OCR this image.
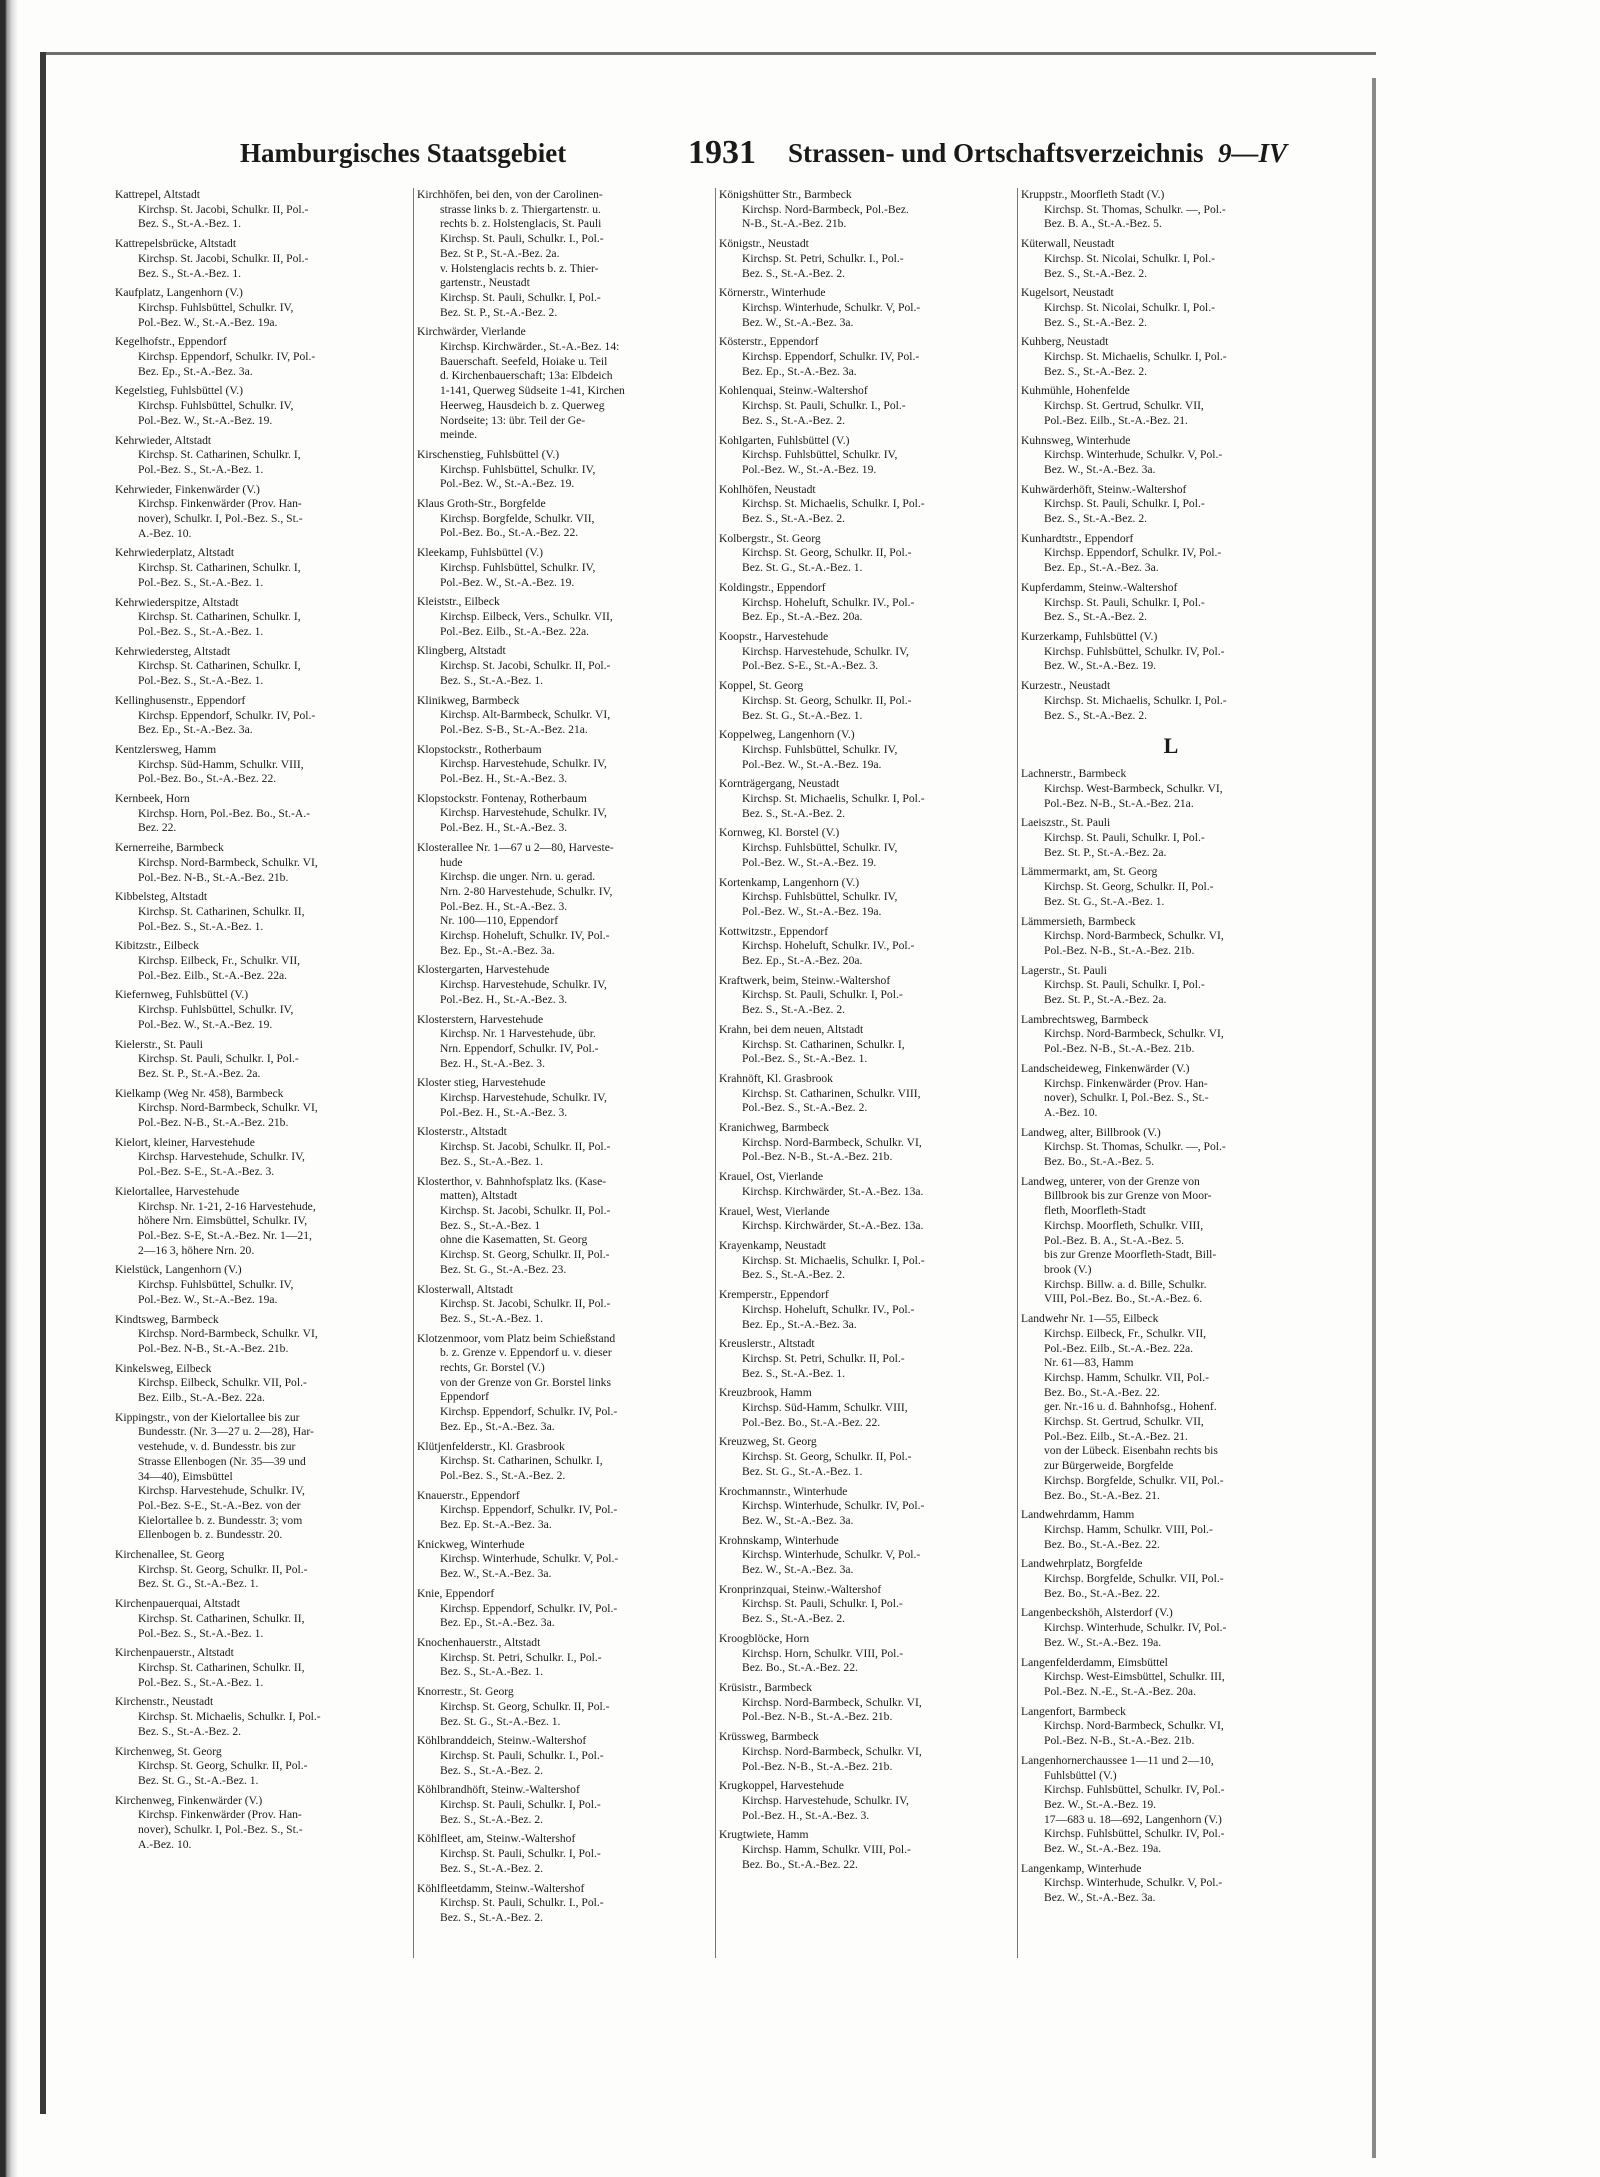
Hamburgisches Staatsgebiet	1931 Strassen- und Ortschaftsverzeichnis 9—IV
Kattrepel, Altstadt
Kirchsp. St. Jacobi, Schulkr. II, Pol.-
Bez. S., St.-A.-Bez. 1.
Kattrepelsbrücke, Altstadt
Kirchsp. St. Jacobi, Schulkr. II, Pol.-
Bez. S., St.-A.-Bez. 1.
Kaufplatz, Langenhorn (V.)
Kirchsp. Fuhlsbüttel, Schulkr. IV,
Pol.-Bez. W., St.-A.-Bez. 19a.
Kegelhofstr., Eppendorf
Kirchsp. Eppendorf, Schulkr. IV, Pol.-
Bez. Ep., St.-A.-Bez. 3a.
Kegelstieg, Fuhlsbüttel (V.)
Kirchsp. Fuhlsbüttel, Schulkr. IV,
Pol.-Bez. W., St.-A.-Bez. 19.
Kehrwieder, Altstadt
Kirchsp. St. Catharinen, Schulkr. I,
Pol.-Bez. S., St.-A.-Bez. 1.
Kehrwieder, Finkenwärder (V.)
Kirchsp. Finkenwärder (Prov. Han-
nover), Schulkr. I, Pol.-Bez. S., St.-
A.-Bez. 10.
Kehrwiederplatz, Altstadt
Kirchsp. St. Catharinen, Schulkr. I,
Pol.-Bez. S., St.-A.-Bez. 1.
Kehrwiederspitze, Altstadt
Kirchsp. St. Catharinen, Schulkr. I,
Pol.-Bez. S., St.-A.-Bez. 1.
Kehrwiedersteg, Altstadt
Kirchsp. St. Catharinen, Schulkr. I,
Pol.-Bez. S., St.-A.-Bez. 1.
Kellinghusenstr., Eppendorf
Kirchsp. Eppendorf, Schulkr. IV, Pol.-
Bez. Ep., St.-A.-Bez. 3a.
Kentzlersweg, Hamm
Kirchsp. Süd-Hamm, Schulkr. VIII,
Pol.-Bez. Bo., St.-A.-Bez. 22.
Kernbeek, Horn
Kirchsp. Horn, Pol.-Bez. Bo., St.-A.-
Bez. 22.
Kernerreihe, Barmbeck
Kirchsp. Nord-Barmbeck, Schulkr. VI,
Pol.-Bez. N-B., St.-A.-Bez. 21b.
Kibbelsteg, Altstadt
Kirchsp. St. Catharinen, Schulkr. II,
Pol.-Bez. S., St.-A.-Bez. 1.
Kibitzstr., Eilbeck
Kirchsp. Eilbeck, Fr., Schulkr. VII,
Pol.-Bez. Eilb., St.-A.-Bez. 22a.
Kiefernweg, Fuhlsbüttel (V.)
Kirchsp. Fuhlsbüttel, Schulkr. IV,
Pol.-Bez. W., St.-A.-Bez. 19.
Kielerstr., St. Pauli
Kirchsp. St. Pauli, Schulkr. I, Pol.-
Bez. St. P., St.-A.-Bez. 2a.
Kielkamp (Weg Nr. 458), Barmbeck
Kirchsp. Nord-Barmbeck, Schulkr. VI,
Pol.-Bez. N-B., St.-A.-Bez. 21b.
Kielort, kleiner, Harvestehude
Kirchsp. Harvestehude, Schulkr. IV,
Pol.-Bez. S-E., St.-A.-Bez. 3.
Kielortallee, Harvestehude
Kirchsp. Nr. 1-21, 2-16 Harvestehude,
höhere Nrn. Eimsbüttel, Schulkr. IV,
Pol.-Bez. S-E, St.-A.-Bez. Nr. 1—21,
2—16 3, höhere Nrn. 20.
Kielstück, Langenhorn (V.)
Kirchsp. Fuhlsbüttel, Schulkr. IV,
Pol.-Bez. W., St.-A.-Bez. 19a.
Kindtsweg, Barmbeck
Kirchsp. Nord-Barmbeck, Schulkr. VI,
Pol.-Bez. N-B., St.-A.-Bez. 21b.
Kinkelsweg, Eilbeck
Kirchsp. Eilbeck, Schulkr. VII, Pol.-
Bez. Eilb., St.-A.-Bez. 22a.
Kippingstr., von der Kielortallee bis zur
Bundesstr. (Nr. 3—27 u. 2—28), Har-
vestehude, v. d. Bundesstr. bis zur
Strasse Ellenbogen (Nr. 35—39 und
34—40), Eimsbüttel
Kirchsp. Harvestehude, Schulkr. IV,
Pol.-Bez. S-E., St.-A.-Bez. von der
Kielortallee b. z. Bundesstr. 3; vom
Ellenbogen b. z. Bundesstr. 20.
Kirchenallee, St. Georg
Kirchsp. St. Georg, Schulkr. II, Pol.-
Bez. St. G., St.-A.-Bez. 1.
Kirchenpauerquai, Altstadt
Kirchsp. St. Catharinen, Schulkr. II,
Pol.-Bez. S., St.-A.-Bez. 1.
Kirchenpauerstr., Altstadt
Kirchsp. St. Catharinen, Schulkr. II,
Pol.-Bez. S., St.-A.-Bez. 1.
Kirchenstr., Neustadt
Kirchsp. St. Michaelis, Schulkr. I, Pol.-
Bez. S., St.-A.-Bez. 2.
Kirchenweg, St. Georg
Kirchsp. St. Georg, Schulkr. II, Pol.-
Bez. St. G., St.-A.-Bez. 1.
Kirchenweg, Finkenwärder (V.)
Kirchsp. Finkenwärder (Prov. Han-
nover), Schulkr. I, Pol.-Bez. S., St.-
A.-Bez. 10.
Kirchhöfen, bei den, von der Carolinen-
strasse links b. z. Thiergartenstr. u.
rechts b. z. Holstenglacis, St. Pauli
Kirchsp. St. Pauli, Schulkr. I., Pol.-
Bez. St P., St.-A.-Bez. 2a.
v. Holstenglacis rechts b. z. Thier-
gartenstr., Neustadt
Kirchsp. St. Pauli, Schulkr. I, Pol.-
Bez. St. P., St.-A.-Bez. 2.
Kirchwärder, Vierlande
Kirchsp. Kirchwärder., St.-A.-Bez. 14:
Bauerschaft. Seefeld, Hoiake u. Teil
d. Kirchenbauerschaft; 13a: Elbdeich
1-141, Querweg Südseite 1-41, Kirchen
Heerweg, Hausdeich b. z. Querweg
Nordseite; 13: übr. Teil der Ge-
meinde.
Kirschenstieg, Fuhlsbüttel (V.)
Kirchsp. Fuhlsbüttel, Schulkr. IV,
Pol.-Bez. W., St.-A.-Bez. 19.
Klaus Groth-Str., Borgfelde
Kirchsp. Borgfelde, Schulkr. VII,
Pol.-Bez. Bo., St.-A.-Bez. 22.
Kleekamp, Fuhlsbüttel (V.)
Kirchsp. Fuhlsbüttel, Schulkr. IV,
Pol.-Bez. W., St.-A.-Bez. 19.
Kleiststr., Eilbeck
Kirchsp. Eilbeck, Vers., Schulkr. VII,
Pol.-Bez. Eilb., St.-A.-Bez. 22a.
Klingberg, Altstadt
Kirchsp. St. Jacobi, Schulkr. II, Pol.-
Bez. S., St.-A.-Bez. 1.
Klinikweg, Barmbeck
Kirchsp. Alt-Barmbeck, Schulkr. VI,
Pol.-Bez. S-B., St.-A.-Bez. 21a.
Klopstockstr., Rotherbaum
Kirchsp. Harvestehude, Schulkr. IV,
Pol.-Bez. H., St.-A.-Bez. 3.
Klopstockstr. Fontenay, Rotherbaum
Kirchsp. Harvestehude, Schulkr. IV,
Pol.-Bez. H., St.-A.-Bez. 3.
Klosterallee Nr. 1—67 u 2—80, Harveste-
hude
Kirchsp. die unger. Nrn. u. gerad.
Nrn. 2-80 Harvestehude, Schulkr. IV,
Pol.-Bez. H., St.-A.-Bez. 3.
Nr. 100—110, Eppendorf
Kirchsp. Hoheluft, Schulkr. IV, Pol.-
Bez. Ep., St.-A.-Bez. 3a.
Klostergarten, Harvestehude
Kirchsp. Harvestehude, Schulkr. IV,
Pol.-Bez. H., St.-A.-Bez. 3.
Klosterstern, Harvestehude
Kirchsp. Nr. 1 Harvestehude, übr.
Nrn. Eppendorf, Schulkr. IV, Pol.-
Bez. H., St.-A.-Bez. 3.
Kloster stieg, Harvestehude
Kirchsp. Harvestehude, Schulkr. IV,
Pol.-Bez. H., St.-A.-Bez. 3.
Klosterstr., Altstadt
Kirchsp. St. Jacobi, Schulkr. II, Pol.-
Bez. S., St.-A.-Bez. 1.
Klosterthor, v. Bahnhofsplatz lks. (Kase-
matten), Altstadt
Kirchsp. St. Jacobi, Schulkr. II, Pol.-
Bez. S., St.-A.-Bez. 1
ohne die Kasematten, St. Georg
Kirchsp. St. Georg, Schulkr. II, Pol.-
Bez. St. G., St.-A.-Bez. 23.
Klosterwall, Altstadt
Kirchsp. St. Jacobi, Schulkr. II, Pol.-
Bez. S., St.-A.-Bez. 1.
Klotzenmoor, vom Platz beim Schießstand
b. z. Grenze v. Eppendorf u. v. dieser
rechts, Gr. Borstel (V.)
von der Grenze von Gr. Borstel links
Eppendorf
Kirchsp. Eppendorf, Schulkr. IV, Pol.-
Bez. Ep., St.-A.-Bez. 3a.
Klütjenfelderstr., Kl. Grasbrook
Kirchsp. St. Catharinen, Schulkr. I,
Pol.-Bez. S., St.-A.-Bez. 2.
Knauerstr., Eppendorf
Kirchsp. Eppendorf, Schulkr. IV, Pol.-
Bez. Ep. St.-A.-Bez. 3a.
Knickweg, Winterhude
Kirchsp. Winterhude, Schulkr. V, Pol.-
Bez. W., St.-A.-Bez. 3a.
Knie, Eppendorf
Kirchsp. Eppendorf, Schulkr. IV, Pol.-
Bez. Ep., St.-A.-Bez. 3a.
Knochenhauerstr., Altstadt
Kirchsp. St. Petri, Schulkr. I., Pol.-
Bez. S., St.-A.-Bez. 1.
Knorrestr., St. Georg
Kirchsp. St. Georg, Schulkr. II, Pol.-
Bez. St. G., St.-A.-Bez. 1.
Köhlbranddeich, Steinw.-Waltershof
Kirchsp. St. Pauli, Schulkr. I., Pol.-
Bez. S., St.-A.-Bez. 2.
Köhlbrandhöft, Steinw.-Waltershof
Kirchsp. St. Pauli, Schulkr. I, Pol.-
Bez. S., St.-A.-Bez. 2.
Köhlfleet, am, Steinw.-Waltershof
Kirchsp. St. Pauli, Schulkr. I, Pol.-
Bez. S., St.-A.-Bez. 2.
Köhlfleetdamm, Steinw.-Waltershof
Kirchsp. St. Pauli, Schulkr. I., Pol.-
Bez. S., St.-A.-Bez. 2.
Königshütter Str., Barmbeck
Kirchsp. Nord-Barmbeck, Pol.-Bez.
N-B., St.-A.-Bez. 21b.
Königstr., Neustadt
Kirchsp. St. Petri, Schulkr. I., Pol.-
Bez. S., St.-A.-Bez. 2.
Körnerstr., Winterhude
Kirchsp. Winterhude, Schulkr. V, Pol.-
Bez. W., St.-A.-Bez. 3a.
Kösterstr., Eppendorf
Kirchsp. Eppendorf, Schulkr. IV, Pol.-
Bez. Ep., St.-A.-Bez. 3a.
Kohlenquai, Steinw.-Waltershof
Kirchsp. St. Pauli, Schulkr. I., Pol.-
Bez. S., St.-A.-Bez. 2.
Kohlgarten, Fuhlsbüttel (V.)
Kirchsp. Fuhlsbüttel, Schulkr. IV,
Pol.-Bez. W., St.-A.-Bez. 19.
Kohlhöfen, Neustadt
Kirchsp. St. Michaelis, Schulkr. I, Pol.-
Bez. S., St.-A.-Bez. 2.
Kolbergstr., St. Georg
Kirchsp. St. Georg, Schulkr. II, Pol.-
Bez. St. G., St.-A.-Bez. 1.
Koldingstr., Eppendorf
Kirchsp. Hoheluft, Schulkr. IV., Pol.-
Bez. Ep., St.-A.-Bez. 20a.
Koopstr., Harvestehude
Kirchsp. Harvestehude, Schulkr. IV,
Pol.-Bez. S-E., St.-A.-Bez. 3.
Koppel, St. Georg
Kirchsp. St. Georg, Schulkr. II, Pol.-
Bez. St. G., St.-A.-Bez. 1.
Koppelweg, Langenhorn (V.)
Kirchsp. Fuhlsbüttel, Schulkr. IV,
Pol.-Bez. W., St.-A.-Bez. 19a.
Kornträgergang, Neustadt
Kirchsp. St. Michaelis, Schulkr. I, Pol.-
Bez. S., St.-A.-Bez. 2.
Kornweg, Kl. Borstel (V.)
Kirchsp. Fuhlsbüttel, Schulkr. IV,
Pol.-Bez. W., St.-A.-Bez. 19.
Kortenkamp, Langenhorn (V.)
Kirchsp. Fuhlsbüttel, Schulkr. IV,
Pol.-Bez. W., St.-A.-Bez. 19a.
Kottwitzstr., Eppendorf
Kirchsp. Hoheluft, Schulkr. IV., Pol.-
Bez. Ep., St.-A.-Bez. 20a.
Kraftwerk, beim, Steinw.-Waltershof
Kirchsp. St. Pauli, Schulkr. I, Pol.-
Bez. S., St.-A.-Bez. 2.
Krahn, bei dem neuen, Altstadt
Kirchsp. St. Catharinen, Schulkr. I,
Pol.-Bez. S., St.-A.-Bez. 1.
Krahnöft, Kl. Grasbrook
Kirchsp. St. Catharinen, Schulkr. VIII,
Pol.-Bez. S., St.-A.-Bez. 2.
Kranichweg, Barmbeck
Kirchsp. Nord-Barmbeck, Schulkr. VI,
Pol.-Bez. N-B., St.-A.-Bez. 21b.
Krauel, Ost, Vierlande
Kirchsp. Kirchwärder, St.-A.-Bez. 13a.
Krauel, West, Vierlande
Kirchsp. Kirchwärder, St.-A.-Bez. 13a.
Krayenkamp, Neustadt
Kirchsp. St. Michaelis, Schulkr. I, Pol.-
Bez. S., St.-A.-Bez. 2.
Kremperstr., Eppendorf
Kirchsp. Hoheluft, Schulkr. IV., Pol.-
Bez. Ep., St.-A.-Bez. 3a.
Kreuslerstr., Altstadt
Kirchsp. St. Petri, Schulkr. II, Pol.-
Bez. S., St.-A.-Bez. 1.
Kreuzbrook, Hamm
Kirchsp. Süd-Hamm, Schulkr. VIII,
Pol.-Bez. Bo., St.-A.-Bez. 22.
Kreuzweg, St. Georg
Kirchsp. St. Georg, Schulkr. II, Pol.-
Bez. St. G., St.-A.-Bez. 1.
Krochmannstr., Winterhude
Kirchsp. Winterhude, Schulkr. IV, Pol.-
Bez. W., St.-A.-Bez. 3a.
Krohnskamp, Winterhude
Kirchsp. Winterhude, Schulkr. V, Pol.-
Bez. W., St.-A.-Bez. 3a.
Kronprinzquai, Steinw.-Waltershof
Kirchsp. St. Pauli, Schulkr. I, Pol.-
Bez. S., St.-A.-Bez. 2.
Kroogblöcke, Horn
Kirchsp. Horn, Schulkr. VIII, Pol.-
Bez. Bo., St.-A.-Bez. 22.
Krüsistr., Barmbeck
Kirchsp. Nord-Barmbeck, Schulkr. VI,
Pol.-Bez. N-B., St.-A.-Bez. 21b.
Krüssweg, Barmbeck
Kirchsp. Nord-Barmbeck, Schulkr. VI,
Pol.-Bez. N-B., St.-A.-Bez. 21b.
Krugkoppel, Harvestehude
Kirchsp. Harvestehude, Schulkr. IV,
Pol.-Bez. H., St.-A.-Bez. 3.
Krugtwiete, Hamm
Kirchsp. Hamm, Schulkr. VIII, Pol.-
Bez. Bo., St.-A.-Bez. 22.
Kruppstr., Moorfleth Stadt (V.)
Kirchsp. St. Thomas, Schulkr. —, Pol.-
Bez. B. A., St.-A.-Bez. 5.
Küterwall, Neustadt
Kirchsp. St. Nicolai, Schulkr. I, Pol.-
Bez. S., St.-A.-Bez. 2.
Kugelsort, Neustadt
Kirchsp. St. Nicolai, Schulkr. I, Pol.-
Bez. S., St.-A.-Bez. 2.
Kuhberg, Neustadt
Kirchsp. St. Michaelis, Schulkr. I, Pol.-
Bez. S., St.-A.-Bez. 2.
Kuhmühle, Hohenfelde
Kirchsp. St. Gertrud, Schulkr. VII,
Pol.-Bez. Eilb., St.-A.-Bez. 21.
Kuhnsweg, Winterhude
Kirchsp. Winterhude, Schulkr. V, Pol.-
Bez. W., St.-A.-Bez. 3a.
Kuhwärderhöft, Steinw.-Waltershof
Kirchsp. St. Pauli, Schulkr. I, Pol.-
Bez. S., St.-A.-Bez. 2.
Kunhardtstr., Eppendorf
Kirchsp. Eppendorf, Schulkr. IV, Pol.-
Bez. Ep., St.-A.-Bez. 3a.
Kupferdamm, Steinw.-Waltershof
Kirchsp. St. Pauli, Schulkr. I, Pol.-
Bez. S., St.-A.-Bez. 2.
Kurzerkamp, Fuhlsbüttel (V.)
Kirchsp. Fuhlsbüttel, Schulkr. IV, Pol.-
Bez. W., St.-A.-Bez. 19.
Kurzestr., Neustadt
Kirchsp. St. Michaelis, Schulkr. I, Pol.-
Bez. S., St.-A.-Bez. 2.
L
Lachnerstr., Barmbeck
Kirchsp. West-Barmbeck, Schulkr. VI,
Pol.-Bez. N-B., St.-A.-Bez. 21a.
Laeiszstr., St. Pauli
Kirchsp. St. Pauli, Schulkr. I, Pol.-
Bez. St. P., St.-A.-Bez. 2a.
Lämmermarkt, am, St. Georg
Kirchsp. St. Georg, Schulkr. II, Pol.-
Bez. St. G., St.-A.-Bez. 1.
Lämmersieth, Barmbeck
Kirchsp. Nord-Barmbeck, Schulkr. VI,
Pol.-Bez. N-B., St.-A.-Bez. 21b.
Lagerstr., St. Pauli
Kirchsp. St. Pauli, Schulkr. I, Pol.-
Bez. St. P., St.-A.-Bez. 2a.
Lambrechtsweg, Barmbeck
Kirchsp. Nord-Barmbeck, Schulkr. VI,
Pol.-Bez. N-B., St.-A.-Bez. 21b.
Landscheideweg, Finkenwärder (V.)
Kirchsp. Finkenwärder (Prov. Han-
nover), Schulkr. I, Pol.-Bez. S., St.-
A.-Bez. 10.
Landweg, alter, Billbrook (V.)
Kirchsp. St. Thomas, Schulkr. —, Pol.-
Bez. Bo., St.-A.-Bez. 5.
Landweg, unterer, von der Grenze von
Billbrook bis zur Grenze von Moor-
fleth, Moorfleth-Stadt
Kirchsp. Moorfleth, Schulkr. VIII,
Pol.-Bez. B. A., St.-A.-Bez. 5.
bis zur Grenze Moorfleth-Stadt, Bill-
brook (V.)
Kirchsp. Billw. a. d. Bille, Schulkr.
VIII, Pol.-Bez. Bo., St.-A.-Bez. 6.
Landwehr Nr. 1—55, Eilbeck
Kirchsp. Eilbeck, Fr., Schulkr. VII,
Pol.-Bez. Eilb., St.-A.-Bez. 22a.
Nr. 61—83, Hamm
Kirchsp. Hamm, Schulkr. VII, Pol.-
Bez. Bo., St.-A.-Bez. 22.
ger. Nr.-16 u. d. Bahnhofsg., Hohenf.
Kirchsp. St. Gertrud, Schulkr. VII,
Pol.-Bez. Eilb., St.-A.-Bez. 21.
von der Lübeck. Eisenbahn rechts bis
zur Bürgerweide, Borgfelde
Kirchsp. Borgfelde, Schulkr. VII, Pol.-
Bez. Bo., St.-A.-Bez. 21.
Landwehrdamm, Hamm
Kirchsp. Hamm, Schulkr. VIII, Pol.-
Bez. Bo., St.-A.-Bez. 22.
Landwehrplatz, Borgfelde
Kirchsp. Borgfelde, Schulkr. VII, Pol.-
Bez. Bo., St.-A.-Bez. 22.
Langenbeckshöh, Alsterdorf (V.)
Kirchsp. Winterhude, Schulkr. IV, Pol.-
Bez. W., St.-A.-Bez. 19a.
Langenfelderdamm, Eimsbüttel
Kirchsp. West-Eimsbüttel, Schulkr. III,
Pol.-Bez. N.-E., St.-A.-Bez. 20a.
Langenfort, Barmbeck
Kirchsp. Nord-Barmbeck, Schulkr. VI,
Pol.-Bez. N-B., St.-A.-Bez. 21b.
Langenhornerchaussee 1—11 und 2—10,
Fuhlsbüttel (V.)
Kirchsp. Fuhlsbüttel, Schulkr. IV, Pol.-
Bez. W., St.-A.-Bez. 19.
17—683 u. 18—692, Langenhorn (V.)
Kirchsp. Fuhlsbüttel, Schulkr. IV, Pol.-
Bez. W., St.-A.-Bez. 19a.
Langenkamp, Winterhude
Kirchsp. Winterhude, Schulkr. V, Pol.-
Bez. W., St.-A.-Bez. 3a.
